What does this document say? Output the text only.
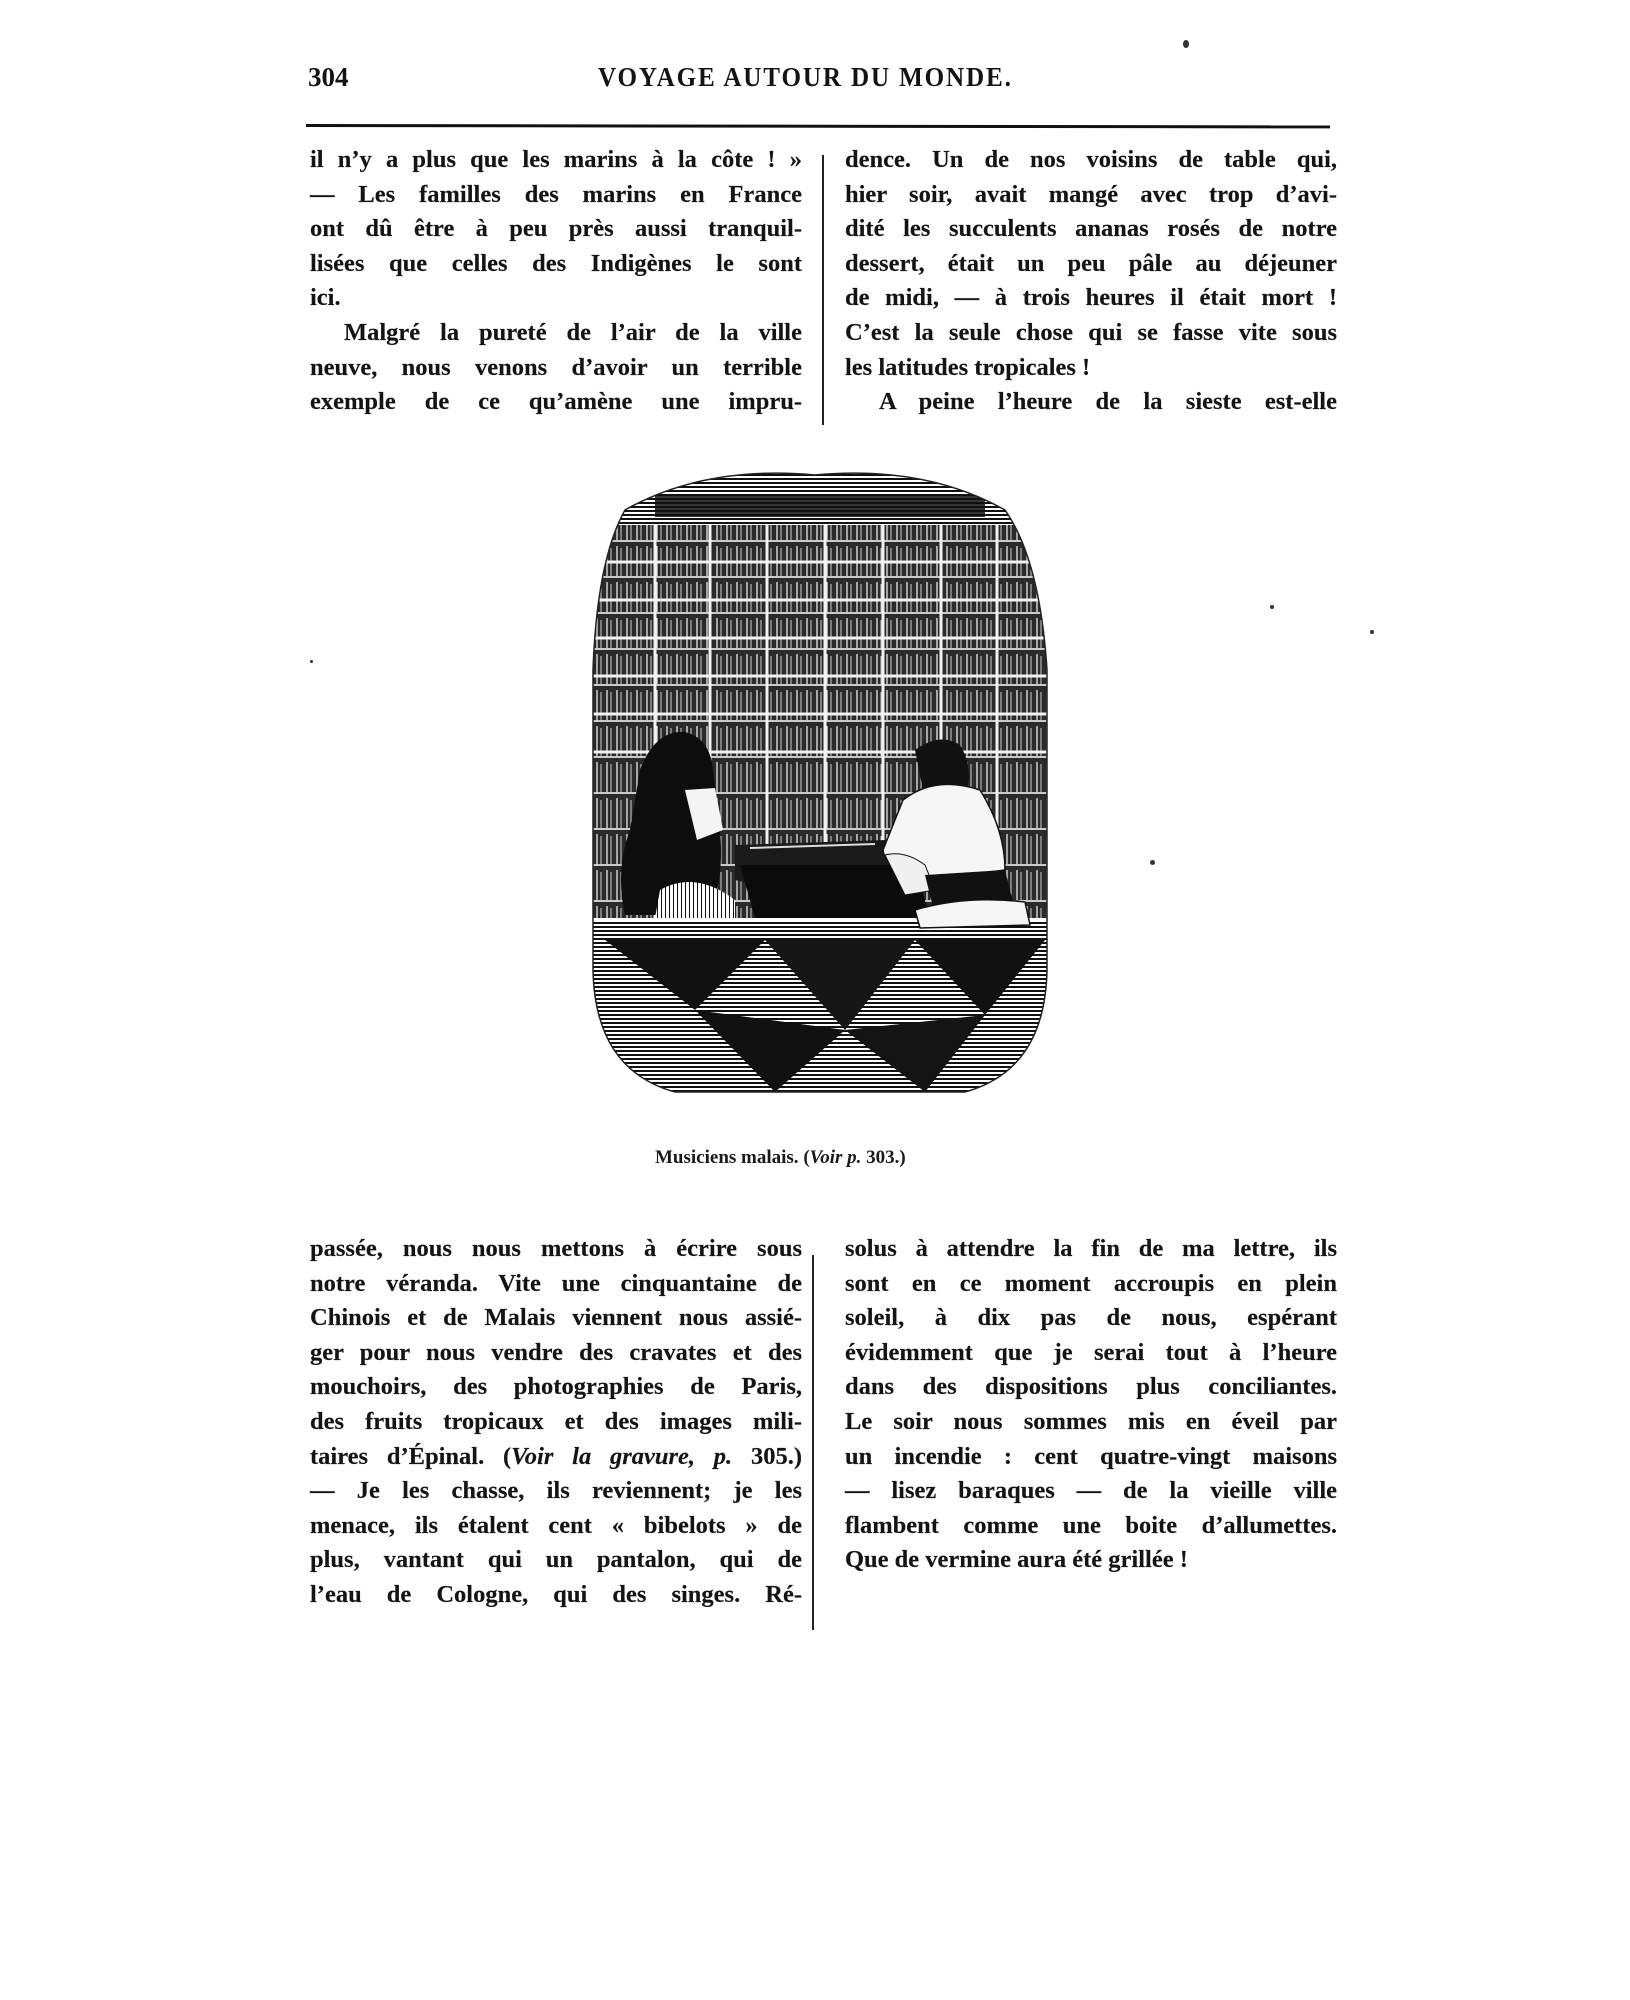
304	VOYAGE AUTOUR DU MONDE.
il n’y a plus que les marins à la côte ! »
— Les familles des marins en France
ont dû être à peu près aussi tranquil-
lisées que celles des Indigènes le sont
ici.
Malgré la pureté de l’air de la ville
neuve, nous venons d’avoir un terrible
exemple de ce qu’amène une impru-
dence. Un de nos voisins de table qui,
hier soir, avait mangé avec trop d’avi-
dité les succulents ananas rosés de notre
dessert, était un peu pâle au déjeuner
de midi, — à trois heures il était mort !
C’est la seule chose qui se fasse vite sous
les latitudes tropicales !
A peine l’heure de la sieste est-elle
Musiciens malais. (Voir p. 303.)
passée, nous nous mettons à écrire sous
notre véranda. Vite une cinquantaine de
Chinois et de Malais viennent nous assié-
ger pour nous vendre des cravates et des
mouchoirs, des photographies de Paris,
des fruits tropicaux et des images mili-
taires d’Épinal. (Voir la gravure, p. 305.)
— Je les chasse, ils reviennent; je les
menace, ils étalent cent « bibelots » de
plus, vantant qui un pantalon, qui de
l’eau de Cologne, qui des singes. Ré-
solus à attendre la fin de ma lettre, ils
sont en ce moment accroupis en plein
soleil, à dix pas de nous, espérant
évidemment que je serai tout à l’heure
dans des dispositions plus conciliantes.
Le soir nous sommes mis en éveil par
un incendie : cent quatre-vingt maisons
— lisez baraques — de la vieille ville
flambent comme une boite d’allumettes.
Que de vermine aura été grillée !
